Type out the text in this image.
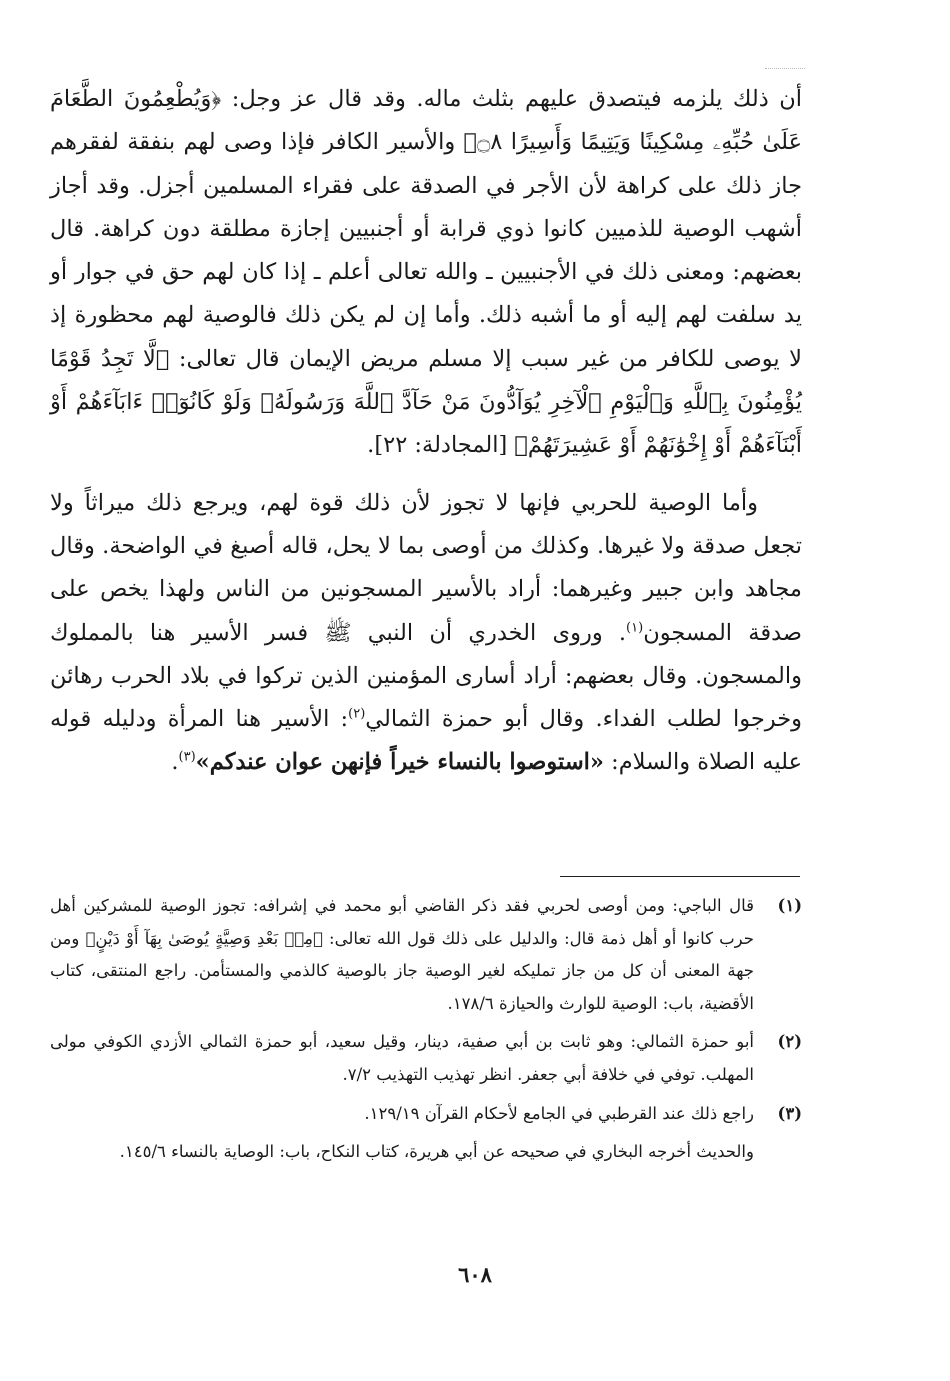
أن ذلك يلزمه فيتصدق عليهم بثلث ماله. وقد قال عز وجل: ﴿وَيُطْعِمُونَ الطَّعَامَ عَلَىٰ حُبِّهِۦ مِسْكِينًا وَيَتِيمًا وَأَسِيرًا ۝٨﴾ والأسير الكافر فإذا وصى لهم بنفقة لفقرهم جاز ذلك على كراهة لأن الأجر في الصدقة على فقراء المسلمين أجزل. وقد أجاز أشهب الوصية للذميين كانوا ذوي قرابة أو أجنبيين إجازة مطلقة دون كراهة. قال بعضهم: ومعنى ذلك في الأجنبيين ـ والله تعالى أعلم ـ إذا كان لهم حق في جوار أو يد سلفت لهم إليه أو ما أشبه ذلك. وأما إن لم يكن ذلك فالوصية لهم محظورة إذ لا يوصى للكافر من غير سبب إلا مسلم مريض الإيمان قال تعالى: ﴿لَّا تَجِدُ قَوْمًا يُؤْمِنُونَ بِٱللَّهِ وَٱلْيَوْمِ ٱلْآخِرِ يُوَآدُّونَ مَنْ حَآدَّ ٱللَّهَ وَرَسُولَهُۥ وَلَوْ كَانُوٓا۟ ءَابَآءَهُمْ أَوْ أَبْنَآءَهُمْ أَوْ إِخْوَٰنَهُمْ أَوْ عَشِيرَتَهُمْ﴾ [المجادلة: ٢٢].

وأما الوصية للحربي فإنها لا تجوز لأن ذلك قوة لهم، ويرجع ذلك ميراثاً ولا تجعل صدقة ولا غيرها. وكذلك من أوصى بما لا يحل، قاله أصبغ في الواضحة. وقال مجاهد وابن جبير وغيرهما: أراد بالأسير المسجونين من الناس ولهذا يخص على صدقة المسجون$^{(١)}$. وروى الخدري أن النبي ﷺ فسر الأسير هنا بالمملوك والمسجون. وقال بعضهم: أراد أسارى المؤمنين الذين تركوا في بلاد الحرب رهائن وخرجوا لطلب الفداء. وقال أبو حمزة الثمالي$^{(٢)}$: الأسير هنا المرأة ودليله قوله عليه الصلاة والسلام: «استوصوا بالنساء خيراً فإنهن عوان عندكم»$^{(٣)}$.

(١)
قال الباجي: ومن أوصى لحربي فقد ذكر القاضي أبو محمد في إشرافه: تجوز الوصية للمشركين أهل حرب كانوا أو أهل ذمة قال: والدليل على ذلك قول الله تعالى: ﴿مِنۢ بَعْدِ وَصِيَّةٍ يُوصَىٰ بِهَآ أَوْ دَيْنٍ﴾ ومن جهة المعنى أن كل من جاز تمليكه لغير الوصية جاز بالوصية كالذمي والمستأمن. راجع المنتقى، كتاب الأقضية، باب: الوصية للوارث والحيازة ١٧٨/٦.
(٢)
أبو حمزة الثمالي: وهو ثابت بن أبي صفية، دينار، وقيل سعيد، أبو حمزة الثمالي الأزدي الكوفي مولى المهلب. توفي في خلافة أبي جعفر. انظر تهذيب التهذيب ٧/٢.
(٣)
راجع ذلك عند القرطبي في الجامع لأحكام القرآن ١٢٩/١٩.
والحديث أخرجه البخاري في صحيحه عن أبي هريرة، كتاب النكاح، باب: الوصاية بالنساء ١٤٥/٦.
٦٠٨
